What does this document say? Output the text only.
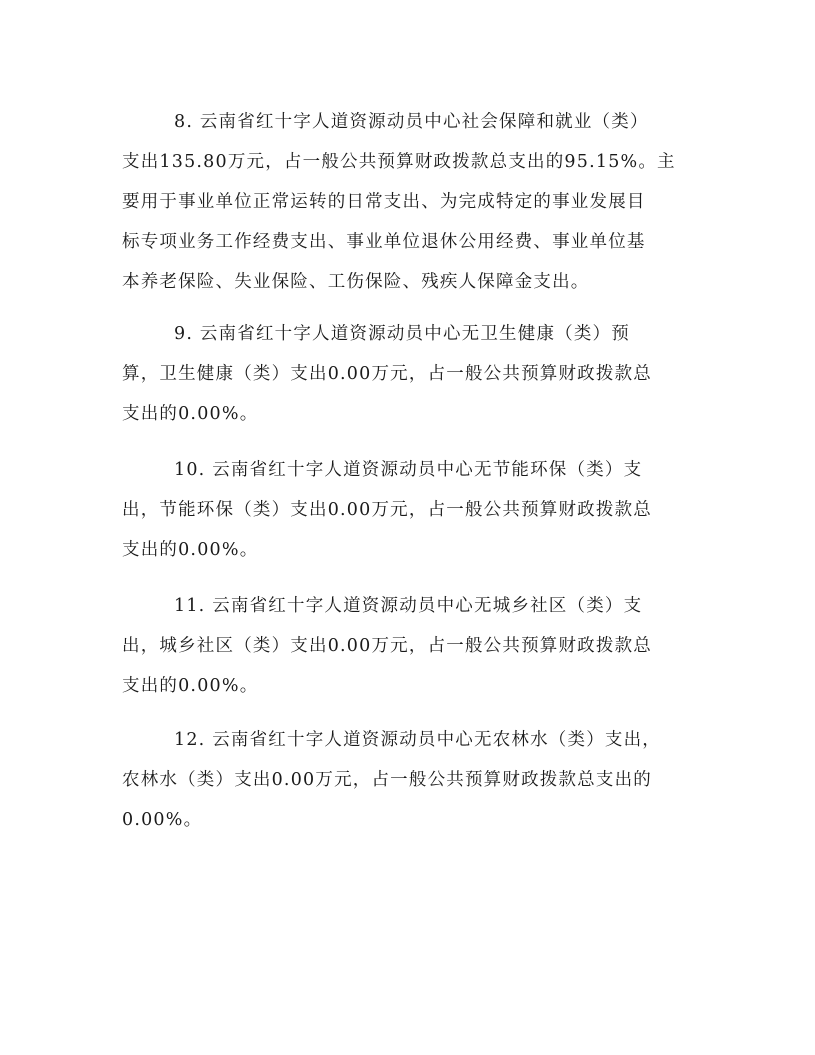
8. 云南省红十字人道资源动员中心社会保障和就业（类）
支出135.80万元，占一般公共预算财政拨款总支出的95.15%。主
要用于事业单位正常运转的日常支出、为完成特定的事业发展目
标专项业务工作经费支出、事业单位退休公用经费、事业单位基
本养老保险、失业保险、工伤保险、残疾人保障金支出。

9. 云南省红十字人道资源动员中心无卫生健康（类）预
算，卫生健康（类）支出0.00万元，占一般公共预算财政拨款总
支出的0.00%。

10. 云南省红十字人道资源动员中心无节能环保（类）支
出，节能环保（类）支出0.00万元，占一般公共预算财政拨款总
支出的0.00%。

11. 云南省红十字人道资源动员中心无城乡社区（类）支
出，城乡社区（类）支出0.00万元，占一般公共预算财政拨款总
支出的0.00%。

12. 云南省红十字人道资源动员中心无农林水（类）支出，
农林水（类）支出0.00万元，占一般公共预算财政拨款总支出的
0.00%。
